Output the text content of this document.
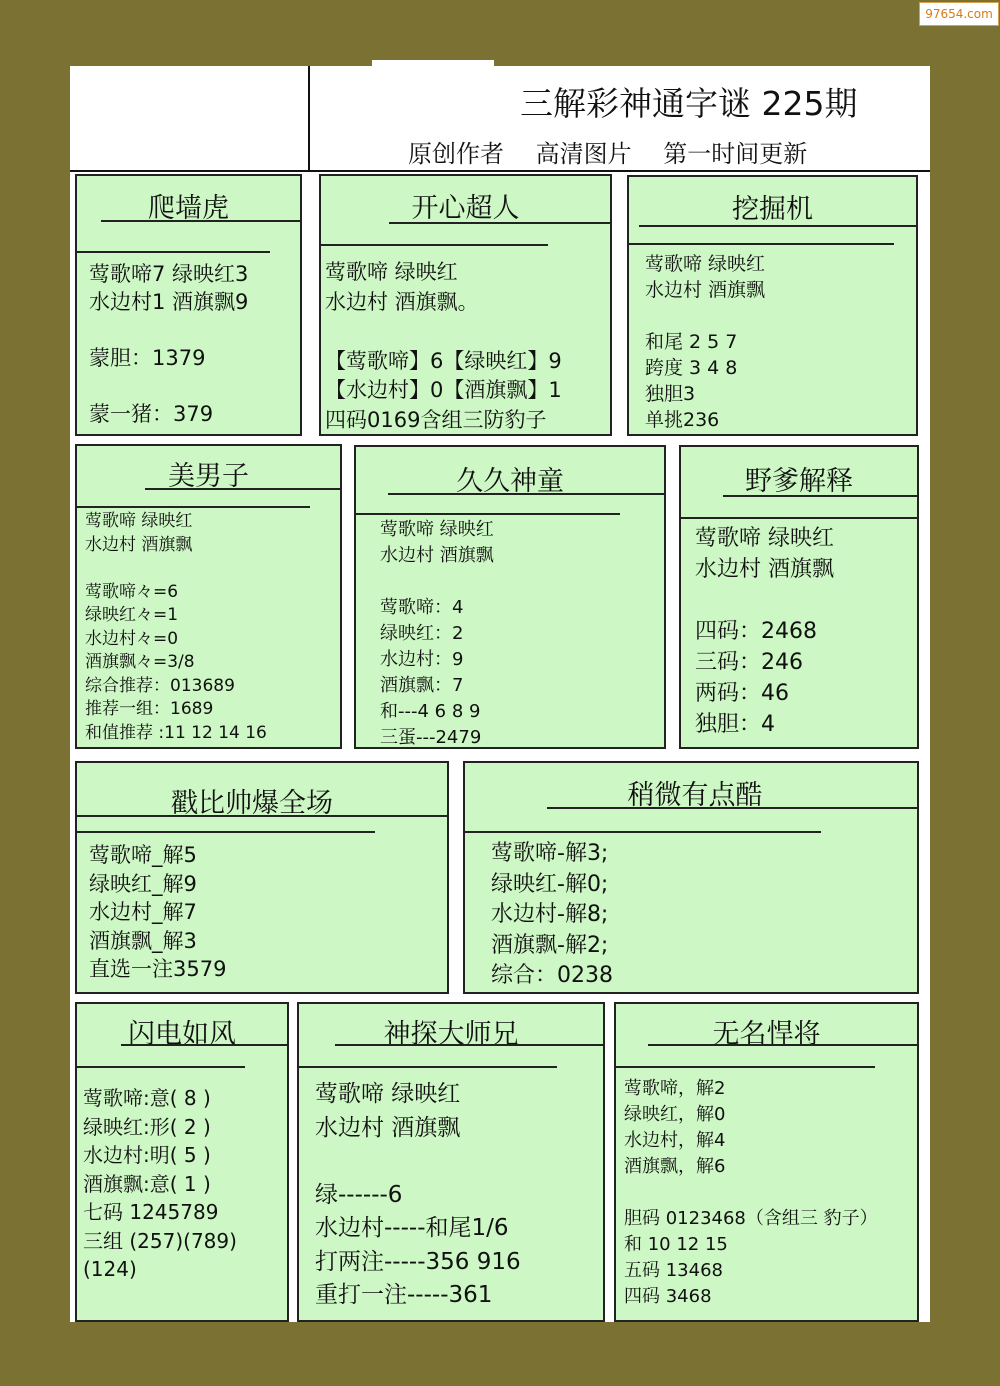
97654.com
三解彩神通字谜 225期
原创作者 高清图片 第一时间更新
爬墙虎
莺歌啼7 绿映红3
水边村1 酒旗飘9

蒙胆：1379

蒙一猪：379
开心超人
莺歌啼 绿映红
水边村 酒旗飘。

【莺歌啼】6【绿映红】9
【水边村】0【酒旗飘】1
四码0169含组三防豹子
挖掘机
莺歌啼 绿映红
水边村 酒旗飘

和尾 2 5 7
跨度 3 4 8
独胆3
单挑236
美男子
莺歌啼 绿映红
水边村 酒旗飘

莺歌啼々=6
绿映红々=1
水边村々=0
酒旗飘々=3/8
综合推荐：013689
推荐一组：1689
和值推荐 :11 12 14 16
久久神童
莺歌啼 绿映红
水边村 酒旗飘

莺歌啼：4
绿映红：2
水边村：9
酒旗飘：7
和---4 6 8 9
三蛋---2479
野爹解释
莺歌啼 绿映红
水边村 酒旗飘

四码：2468
三码：246
两码：46
独胆：4
戳比帅爆全场
莺歌啼_解5
绿映红_解9
水边村_解7
酒旗飘_解3
直选一注3579
稍微有点酷
莺歌啼-解3;
绿映红-解0;
水边村-解8;
酒旗飘-解2;
综合：0238
闪电如风
莺歌啼:意( 8 )
绿映红:形( 2 )
水边村:明( 5 )
酒旗飘:意( 1 )
七码 1245789
三组 (257)(789)
(124)
神探大师兄
莺歌啼 绿映红
水边村 酒旗飘

绿------6
水边村-----和尾1/6
打两注-----356 916
重打一注-----361
无名悍将
莺歌啼，解2
绿映红，解0
水边村，解4
酒旗飘，解6

胆码 0123468（含组三 豹子）
和 10 12 15
五码 13468
四码 3468
